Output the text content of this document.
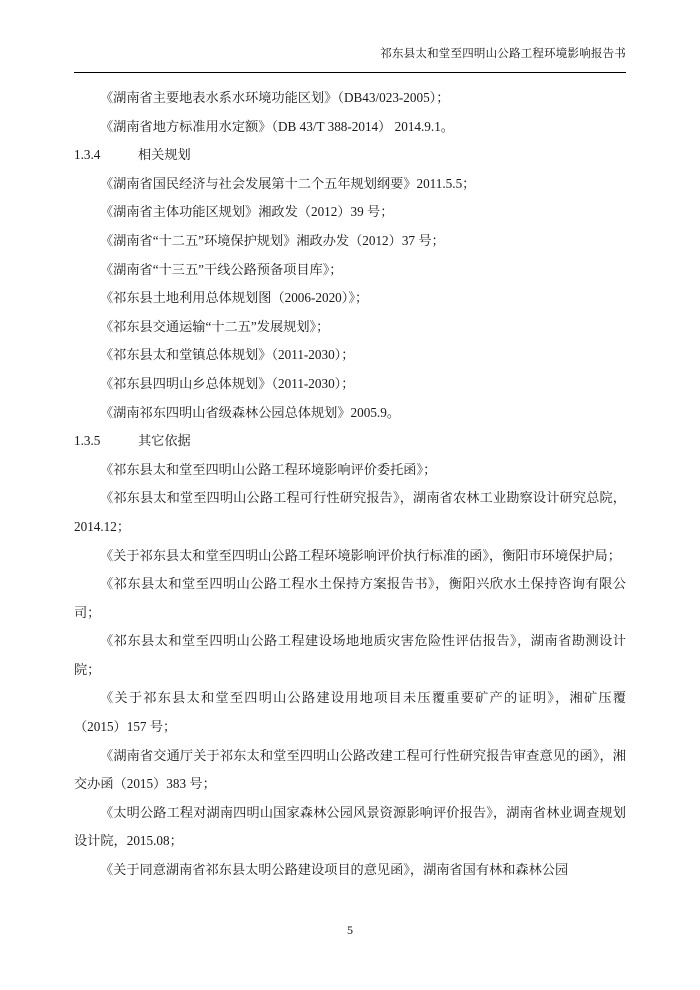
祁东县太和堂至四明山公路工程环境影响报告书

《湖南省主要地表水系水环境功能区划》（DB43/023-2005）；

《湖南省地方标准用水定额》（DB 43/T 388-2014） 2014.9.1。

1.3.4	相关规划

《湖南省国民经济与社会发展第十二个五年规划纲要》2011.5.5；

《湖南省主体功能区规划》湘政发（2012）39 号；

《湖南省“十二五”环境保护规划》湘政办发（2012）37 号；

《湖南省“十三五”干线公路预备项目库》；

《祁东县土地利用总体规划图（2006-2020）》；

《祁东县交通运输“十二五”发展规划》；

《祁东县太和堂镇总体规划》（2011-2030）；

《祁东县四明山乡总体规划》（2011-2030）；

《湖南祁东四明山省级森林公园总体规划》2005.9。

1.3.5	其它依据

《祁东县太和堂至四明山公路工程环境影响评价委托函》；

《祁东县太和堂至四明山公路工程可行性研究报告》，湖南省农林工业勘察设计研究总院，2014.12；

《关于祁东县太和堂至四明山公路工程环境影响评价执行标准的函》，衡阳市环境保护局；

《祁东县太和堂至四明山公路工程水土保持方案报告书》，衡阳兴欣水土保持咨询有限公司；

《祁东县太和堂至四明山公路工程建设场地地质灾害危险性评估报告》，湖南省勘测设计院；

《关于祁东县太和堂至四明山公路建设用地项目未压覆重要矿产的证明》，湘矿压覆（2015）157 号；

《湖南省交通厅关于祁东太和堂至四明山公路改建工程可行性研究报告审查意见的函》，湘交办函（2015）383 号；

《太明公路工程对湖南四明山国家森林公园风景资源影响评价报告》，湖南省林业调查规划设计院，2015.08；

《关于同意湖南省祁东县太明公路建设项目的意见函》，湖南省国有林和森林公园

5
